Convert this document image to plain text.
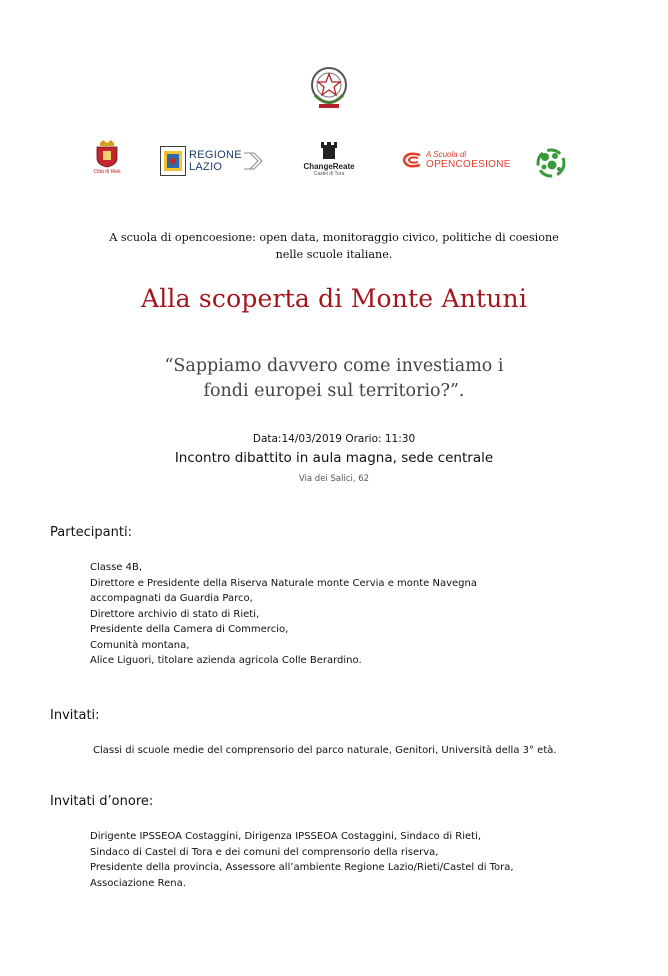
Città di Rieti
REGIONE
LAZIO	ChangeReate
Castel di Tora
A Scuola di
OPENCOESIONE
A scuola di opencoesione: open data, monitoraggio civico, politiche di coesione
nelle scuole italiane.
Alla scoperta di Monte Antuni
“Sappiamo davvero come investiamo i
fondi europei sul territorio?”.
Data:14/03/2019 Orario: 11:30
Incontro dibattito in aula magna, sede centrale
Via dei Salici, 62
Partecipanti:
Classe 4B,
Direttore e Presidente della Riserva Naturale monte Cervia e monte Navegna
accompagnati da Guardia Parco,
Direttore archivio di stato di Rieti,
Presidente della Camera di Commercio,
Comunità montana,
Alice Liguori, titolare azienda agricola Colle Berardino.
Invitati:
Classi di scuole medie del comprensorio del parco naturale, Genitori, Università della 3° età.
Invitati d’onore:
Dirigente IPSSEOA Costaggini, Dirigenza IPSSEOA Costaggini, Sindaco di Rieti,
Sindaco di Castel di Tora e dei comuni del comprensorio della riserva,
Presidente della provincia, Assessore all’ambiente Regione Lazio/Rieti/Castel di Tora,
Associazione Rena.
